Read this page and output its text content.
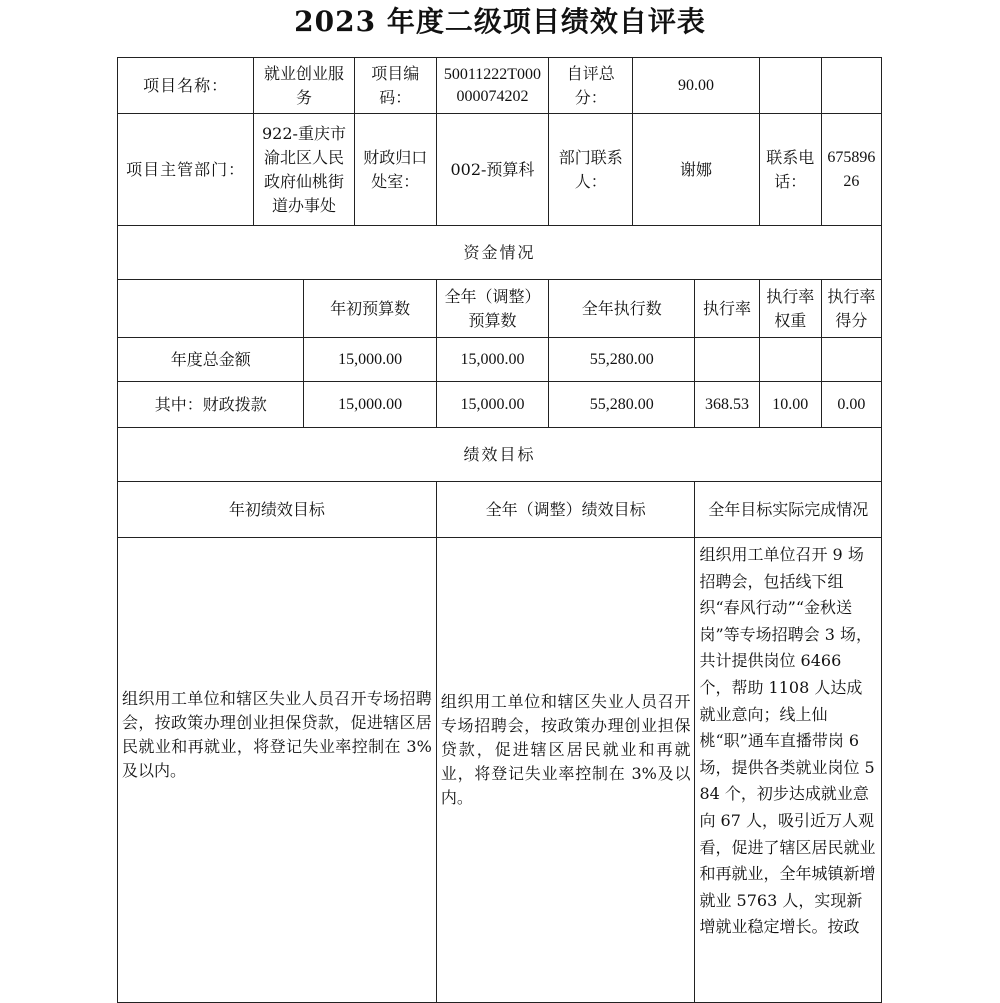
2023 年度二级项目绩效自评表
项目名称：	就业创业服务		项目编码：	50011222T000000074202	自评总分：	90.00			
项目主管部门：	922-重庆市渝北区人民政府仙桃街道办事处		财政归口处室：	002-预算科	部门联系人：	谢娜		联系电话：	67589626
资金情况									
		年初预算数		全年（调整）预算数	全年执行数		执行率	执行率权重	执行率得分
年度总金额		15,000.00		15,000.00	55,280.00				
其中：财政拨款		15,000.00		15,000.00	55,280.00		368.53	10.00	0.00
绩效目标									
年初绩效目标				全年（调整）绩效目标			全年目标实际完成情况		
组织用工单位和辖区失业人员召开专场招聘会，按政策办理创业担保贷款，促进辖区居民就业和再就业，将登记失业率控制在 3%及以内。				组织用工单位和辖区失业人员召开专场招聘会，按政策办理创业担保贷款，促进辖区居民就业和再就业，将登记失业率控制在 3%及以内。			组织用工单位召开 9 场招聘会，包括线下组织“春风行动”“金秋送岗”等专场招聘会 3 场，共计提供岗位 6466 个，帮助 1108 人达成就业意向；线上仙桃“职”通车直播带岗 6 场，提供各类就业岗位 584 个，初步达成就业意向 67 人，吸引近万人观看，促进了辖区居民就业和再就业，全年城镇新增就业 5763 人，实现新增就业稳定增长。按政		
